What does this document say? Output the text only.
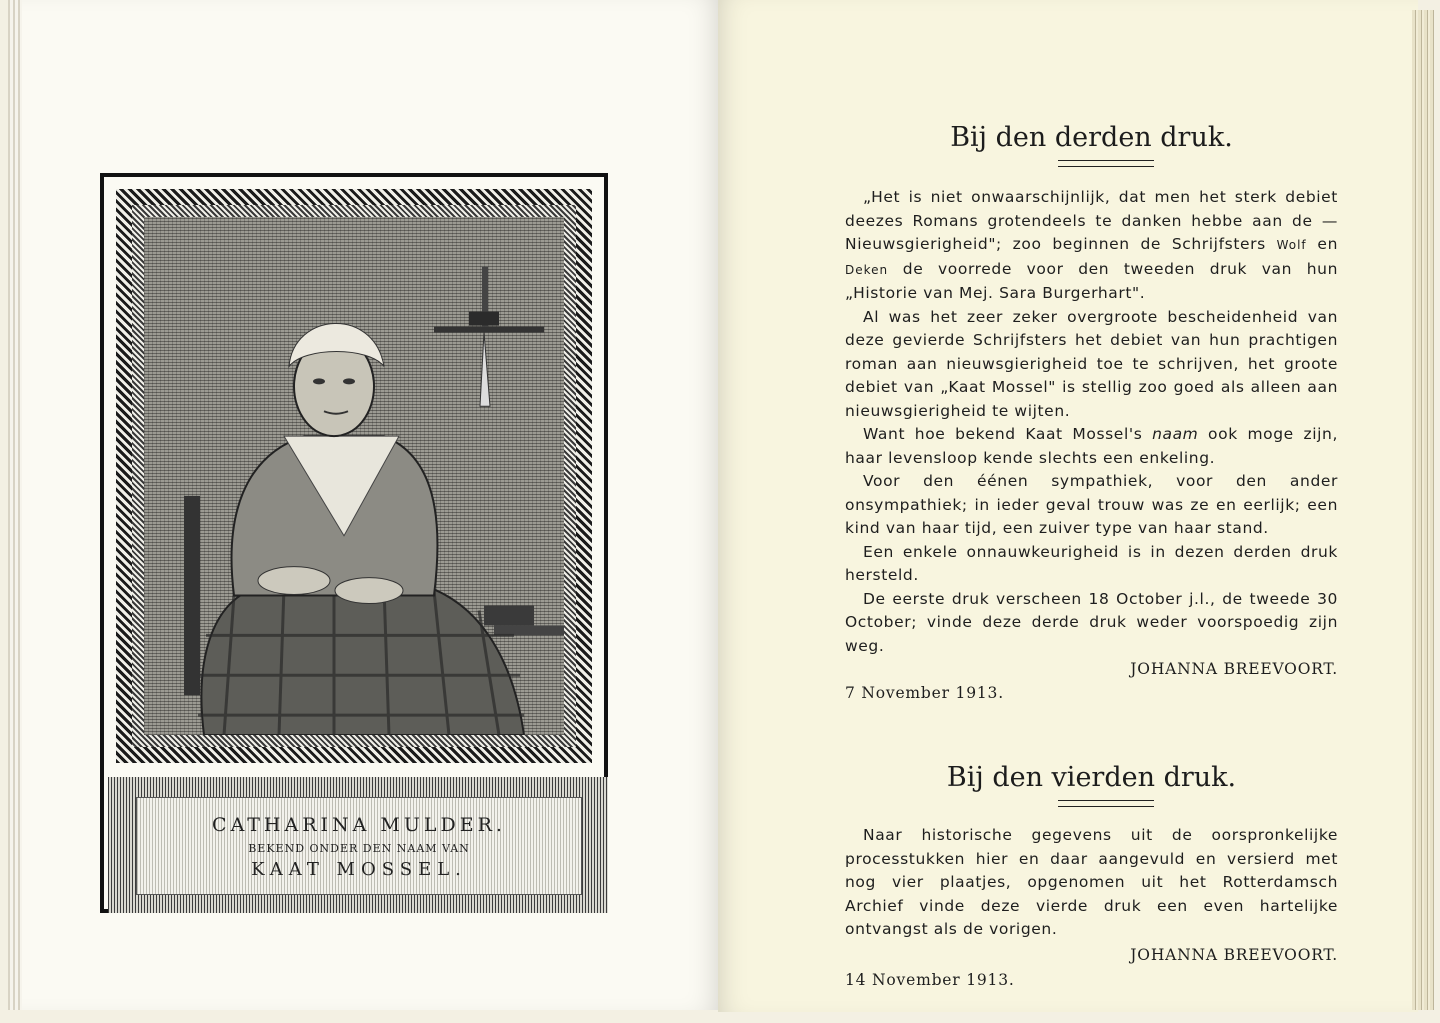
CATHARINA MULDER.
BEKEND ONDER DEN NAAM VAN
KAAT MOSSEL.
Bij den derden druk.

„Het is niet onwaarschijnlijk, dat men het sterk debiet deezes Romans grotendeels te danken hebbe aan de — Nieuwsgierigheid"; zoo beginnen de Schrijfsters Wolf en Deken de voorrede voor den tweeden druk van hun „Historie van Mej. Sara Burgerhart".

Al was het zeer zeker overgroote bescheidenheid van deze gevierde Schrijfsters het debiet van hun prachtigen roman aan nieuwsgierigheid toe te schrijven, het groote debiet van „Kaat Mossel" is stellig zoo goed als alleen aan nieuwsgierigheid te wijten.

Want hoe bekend Kaat Mossel's naam ook moge zijn, haar levensloop kende slechts een enkeling.

Voor den éénen sympathiek, voor den ander onsympathiek; in ieder geval trouw was ze en eerlijk; een kind van haar tijd, een zuiver type van haar stand.

Een enkele onnauwkeurigheid is in dezen derden druk hersteld.

De eerste druk verscheen 18 October j.l., de tweede 30 October; vinde deze derde druk weder voorspoedig zijn weg.

JOHANNA BREEVOORT.
7 November 1913.
Bij den vierden druk.

Naar historische gegevens uit de oorspronkelijke processtukken hier en daar aangevuld en versierd met nog vier plaatjes, opgenomen uit het Rotterdamsch Archief vinde deze vierde druk een even hartelijke ontvangst als de vorigen.

JOHANNA BREEVOORT.
14 November 1913.
